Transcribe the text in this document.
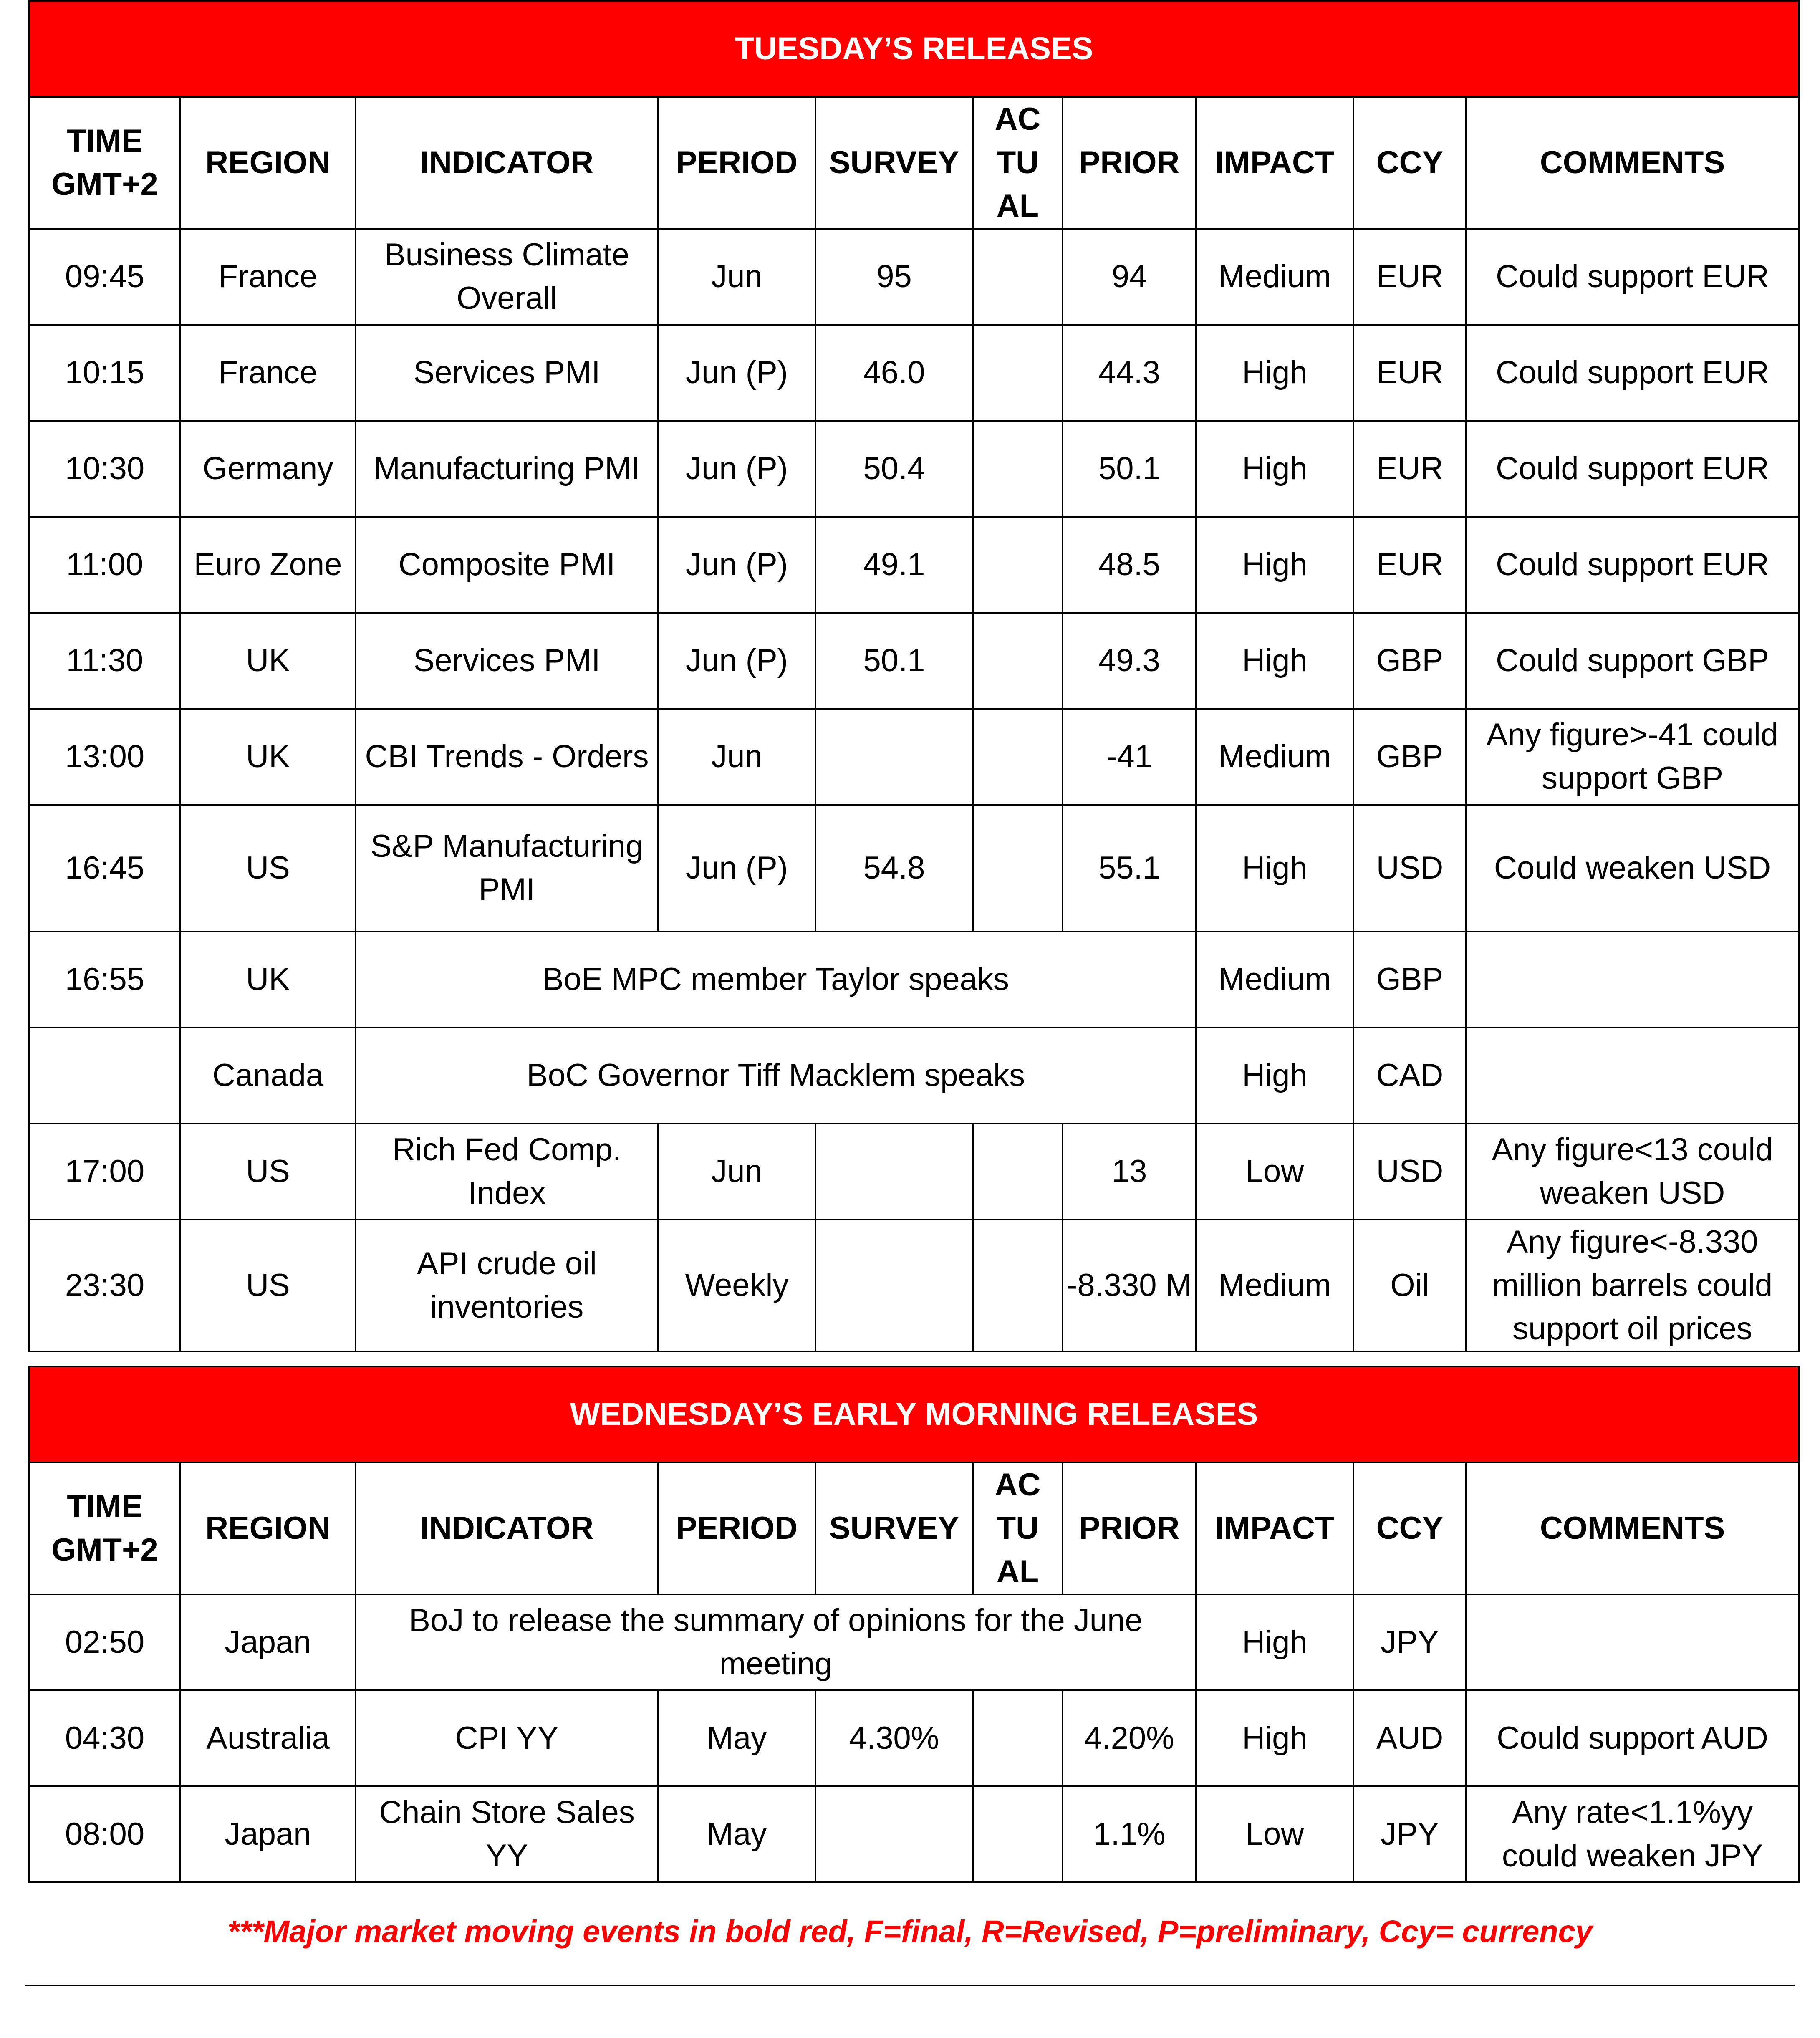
TUESDAY’S RELEASES									
TIME GMT+2	REGION	INDICATOR	PERIOD	SURVEY	AC TU AL	PRIOR	IMPACT	CCY	COMMENTS
09:45	France	Business Climate Overall	Jun	95		94	Medium	EUR	Could support EUR
10:15	France	Services PMI	Jun (P)	46.0		44.3	High	EUR	Could support EUR
10:30	Germany	Manufacturing PMI	Jun (P)	50.4		50.1	High	EUR	Could support EUR
11:00	Euro Zone	Composite PMI	Jun (P)	49.1		48.5	High	EUR	Could support EUR
11:30	UK	Services PMI	Jun (P)	50.1		49.3	High	GBP	Could support GBP
13:00	UK	CBI Trends - Orders	Jun			-41	Medium	GBP	Any figure>-41 could support GBP
16:45	US	S&P Manufacturing PMI	Jun (P)	54.8		55.1	High	USD	Could weaken USD
16:55	UK	BoE MPC member Taylor speaks					Medium	GBP	
	Canada	BoC Governor Tiff Macklem speaks					High	CAD	
17:00	US	Rich Fed Comp. Index	Jun			13	Low	USD	Any figure<13 could weaken USD
23:30	US	API crude oil inventories	Weekly			-8.330 M	Medium	Oil	Any figure<-8.330 million barrels could support oil prices
WEDNESDAY’S EARLY MORNING RELEASES									
TIME GMT+2	REGION	INDICATOR	PERIOD	SURVEY	AC TU AL	PRIOR	IMPACT	CCY	COMMENTS
02:50	Japan	BoJ to release the summary of opinions for the June meeting					High	JPY	
04:30	Australia	CPI YY	May	4.30%		4.20%	High	AUD	Could support AUD
08:00	Japan	Chain Store Sales YY	May			1.1%	Low	JPY	Any rate<1.1%yy could weaken JPY
***Major market moving events in bold red, F=final, R=Revised, P=preliminary, Ccy= currency
